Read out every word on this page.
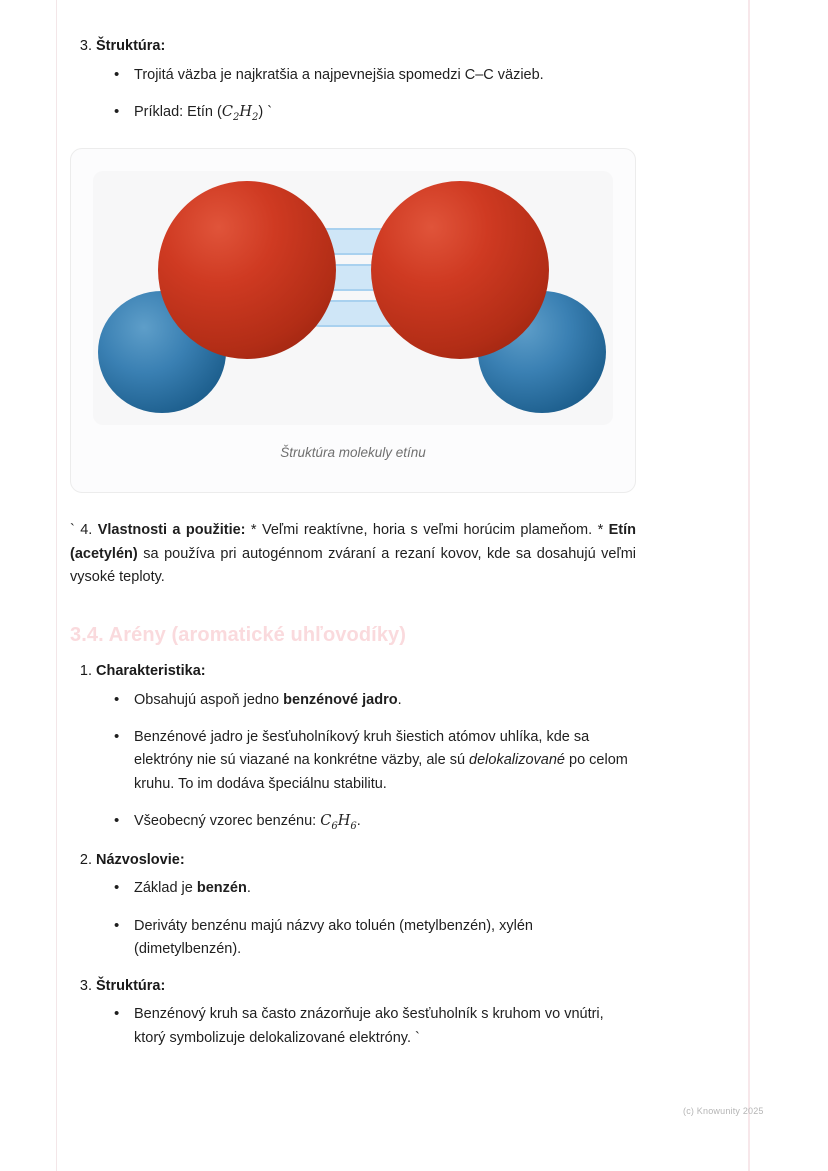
3. Štruktúra:
• Trojitá väzba je najkratšia a najpevnejšia spomedzi C–C väzieb.
• Príklad: Etín $(C_2H_2)$ `
Štruktúra molekuly etínu

` 4. Vlastnosti a použitie: * Veľmi reaktívne, horia s veľmi horúcim plameňom. * Etín (acetylén) sa používa pri autogénnom zváraní a rezaní kovov, kde sa dosahujú veľmi vysoké teploty.

3.4. Arény (aromatické uhľovodíky)
1. Charakteristika:
• Obsahujú aspoň jedno benzénové jadro.
• Benzénové jadro je šesťuholníkový kruh šiestich atómov uhlíka, kde sa elektróny nie sú viazané na konkrétne väzby, ale sú delokalizované po celom kruhu. To im dodáva špeciálnu stabilitu.
• Všeobecný vzorec benzénu: $C_6H_6$.
2. Názvoslovie:
• Základ je benzén.
• Deriváty benzénu majú názvy ako toluén (metylbenzén), xylén (dimetylbenzén).
3. Štruktúra:
• Benzénový kruh sa často znázorňuje ako šesťuholník s kruhom vo vnútri, ktorý symbolizuje delokalizované elektróny. `
(c) Knowunity 2025
